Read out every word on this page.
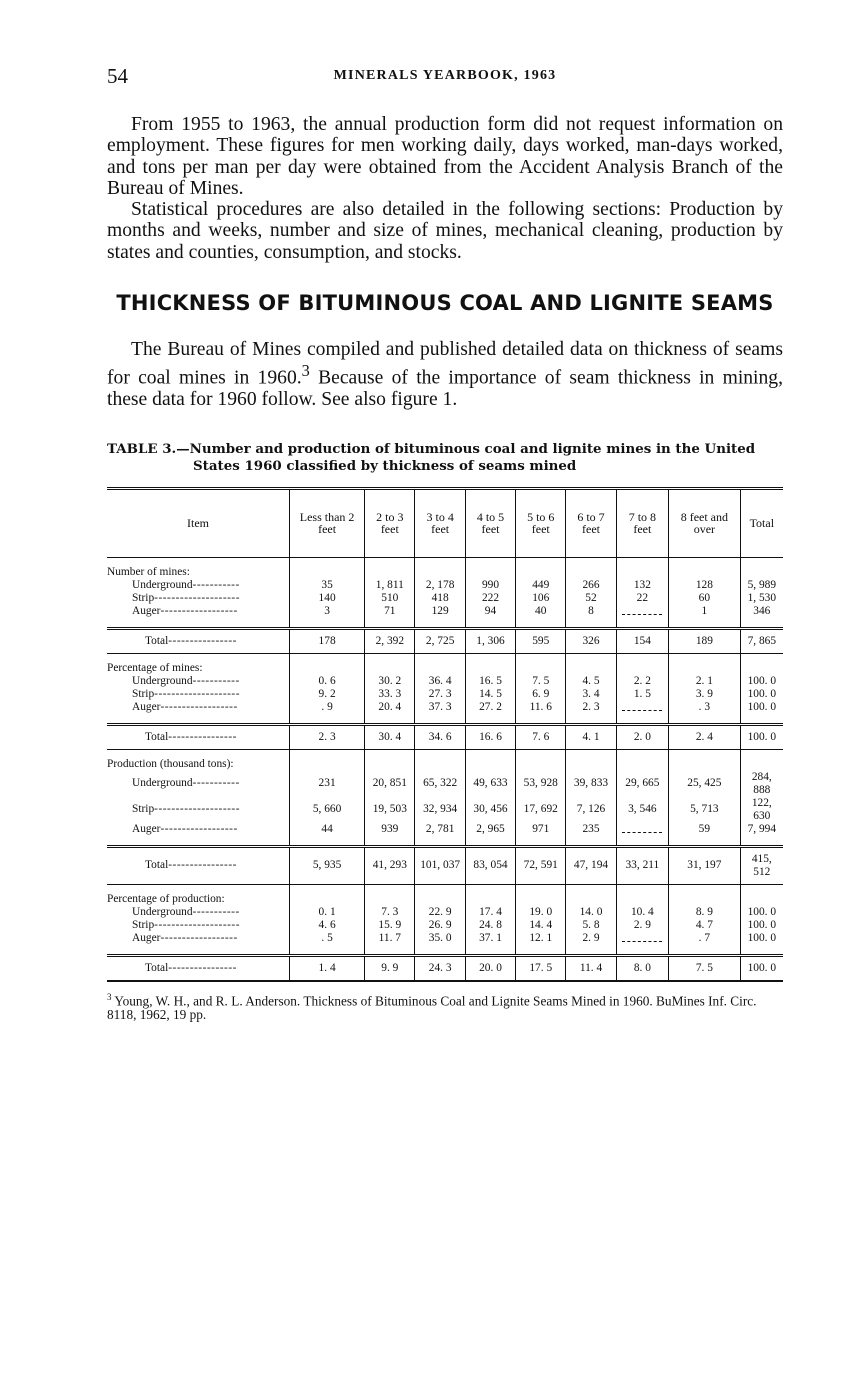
54	MINERALS YEARBOOK, 1963

From 1955 to 1963, the annual production form did not request information on employment. These figures for men working daily, days worked, man-days worked, and tons per man per day were obtained from the Accident Analysis Branch of the Bureau of Mines.

Statistical procedures are also detailed in the following sections: Production by months and weeks, number and size of mines, mechanical cleaning, production by states and counties, consumption, and stocks.

THICKNESS OF BITUMINOUS COAL AND LIGNITE SEAMS

The Bureau of Mines compiled and published detailed data on thickness of seams for coal mines in 1960.$^3$ Because of the importance of seam thickness in mining, these data for 1960 follow. See also figure 1.

TABLE 3.—Number and production of bituminous coal and lignite mines in the United States 1960 classified by thickness of seams mined
Item	Less than 2 feet	2 to 3 feet	3 to 4 feet	4 to 5 feet	5 to 6 feet	6 to 7 feet	7 to 8 feet	8 feet and over	Total
Number of mines:									
Underground-----------	35	1, 811	2, 178	990	449	266	132	128	5, 989
Strip--------------------	140	510	418	222	106	52	22	60	1, 530
Auger------------------	3	71	129	94	40	8		1	346
Total----------------	178	2, 392	2, 725	1, 306	595	326	154	189	7, 865
Percentage of mines:									
Underground-----------	0. 6	30. 2	36. 4	16. 5	7. 5	4. 5	2. 2	2. 1	100. 0
Strip--------------------	9. 2	33. 3	27. 3	14. 5	6. 9	3. 4	1. 5	3. 9	100. 0
Auger------------------	. 9	20. 4	37. 3	27. 2	11. 6	2. 3		. 3	100. 0
Total----------------	2. 3	30. 4	34. 6	16. 6	7. 6	4. 1	2. 0	2. 4	100. 0
Production (thousand tons):									
Underground-----------	231	20, 851	65, 322	49, 633	53, 928	39, 833	29, 665	25, 425	284, 888
Strip--------------------	5, 660	19, 503	32, 934	30, 456	17, 692	7, 126	3, 546	5, 713	122, 630
Auger------------------	44	939	2, 781	2, 965	971	235		59	7, 994
Total----------------	5, 935	41, 293	101, 037	83, 054	72, 591	47, 194	33, 211	31, 197	415, 512
Percentage of production:									
Underground-----------	0. 1	7. 3	22. 9	17. 4	19. 0	14. 0	10. 4	8. 9	100. 0
Strip--------------------	4. 6	15. 9	26. 9	24. 8	14. 4	5. 8	2. 9	4. 7	100. 0
Auger------------------	. 5	11. 7	35. 0	37. 1	12. 1	2. 9		. 7	100. 0
Total----------------	1. 4	9. 9	24. 3	20. 0	17. 5	11. 4	8. 0	7. 5	100. 0
$^3$ Young, W. H., and R. L. Anderson. Thickness of Bituminous Coal and Lignite Seams Mined in 1960. BuMines Inf. Circ. 8118, 1962, 19 pp.
